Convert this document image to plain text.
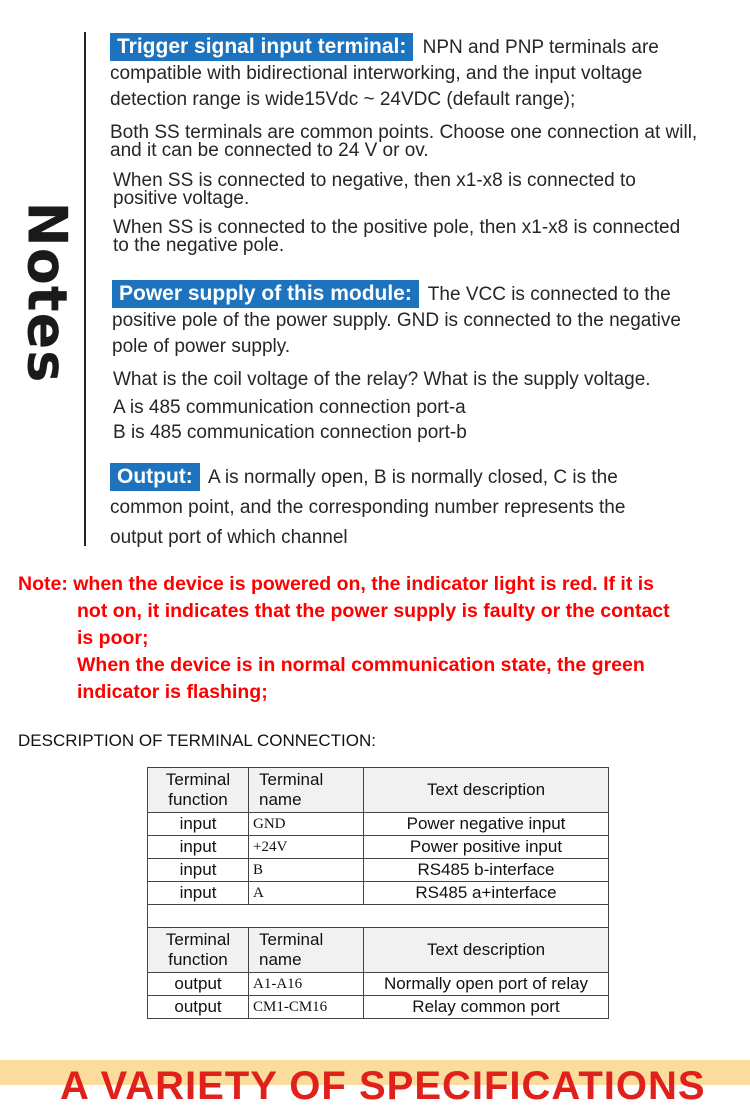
Notes
Trigger signal input terminal: NPN and PNP terminals are
compatible with bidirectional interworking, and the input voltage
detection range is wide15Vdc ~ 24VDC (default range);
Both SS terminals are common points. Choose one connection at will,
and it can be connected to 24 V or ov.
When SS is connected to negative, then x1-x8 is connected to
positive voltage.
When SS is connected to the positive pole, then x1-x8 is connected
to the negative pole.
Power supply of this module: The VCC is connected to the
positive pole of the power supply. GND is connected to the negative
pole of power supply.
What is the coil voltage of the relay? What is the supply voltage.
A is 485 communication connection port-a
B is 485 communication connection port-b
Output: A is normally open, B is normally closed, C is the
common point, and the corresponding number represents the
output port of which channel
Note: when the device is powered on, the indicator light is red. If it is
not on, it indicates that the power supply is faulty or the contact
is poor;
When the device is in normal communication state, the green
indicator is flashing;
DESCRIPTION OF TERMINAL CONNECTION:
Terminal function	Terminal name	Text description
input	GND	Power negative input
input	+24V	Power positive input
input	B	RS485 b-interface
input	A	RS485 a+interface

Terminal function	Terminal name	Text description
output	A1-A16	Normally open port of relay
output	CM1-CM16	Relay common port
A VARIETY OF SPECIFICATIONS
